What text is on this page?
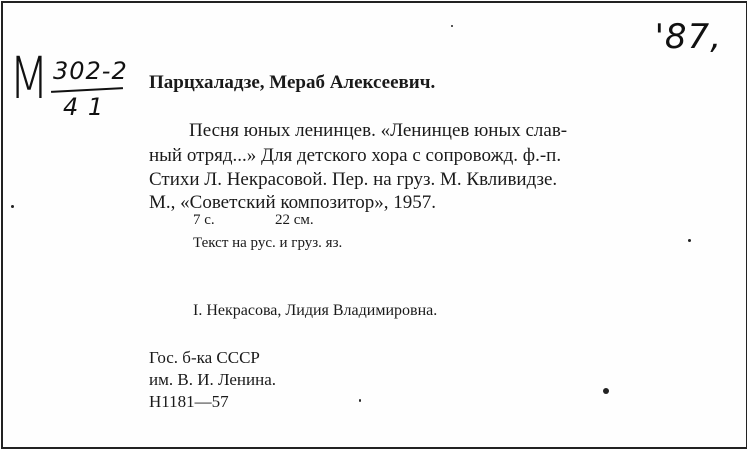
М 302-2
4 1
'87,
Парцхаладзе, Мераб Алексеевич.
Песня юных ленинцев. «Ленинцев юных слав-
ный отряд...» Для детского хора с сопровожд. ф.-п.
Стихи Л. Некрасовой. Пер. на груз. М. Квливидзе.
М., «Советский композитор», 1957.
7 с.	22 см.
Текст на рус. и груз. яз.
I. Некрасова, Лидия Владимировна.
Гос. б-ка СССР
им. В. И. Ленина.
Н1181—57
